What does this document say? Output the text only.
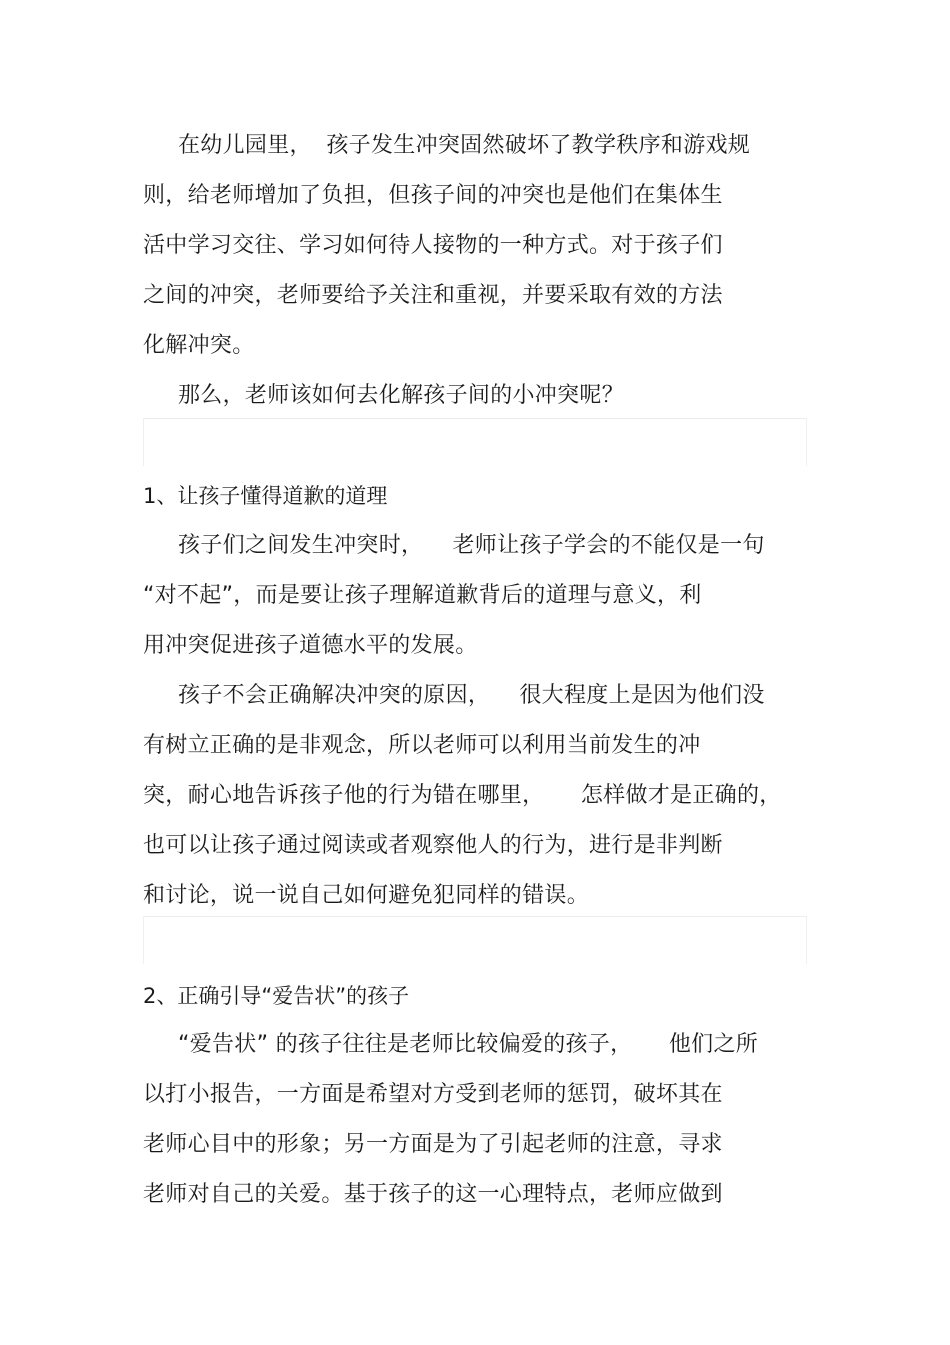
在幼儿园里，  孩子发生冲突固然破坏了教学秩序和游戏规
则，给老师增加了负担，但孩子间的冲突也是他们在集体生
活中学习交往、学习如何待人接物的一种方式。对于孩子们
之间的冲突，老师要给予关注和重视，并要采取有效的方法
化解冲突。
那么，老师该如何去化解孩子间的小冲突呢？
1、让孩子懂得道歉的道理
孩子们之间发生冲突时，    老师让孩子学会的不能仅是一句
“对不起”，而是要让孩子理解道歉背后的道理与意义，利
用冲突促进孩子道德水平的发展。
孩子不会正确解决冲突的原因，    很大程度上是因为他们没
有树立正确的是非观念，所以老师可以利用当前发生的冲
突，耐心地告诉孩子他的行为错在哪里，     怎样做才是正确的，
也可以让孩子通过阅读或者观察他人的行为，进行是非判断
和讨论，说一说自己如何避免犯同样的错误。
2、正确引导“爱告状”的孩子
“爱告状” 的孩子往往是老师比较偏爱的孩子，     他们之所
以打小报告，一方面是希望对方受到老师的惩罚，破坏其在
老师心目中的形象；另一方面是为了引起老师的注意，寻求
老师对自己的关爱。基于孩子的这一心理特点，老师应做到
